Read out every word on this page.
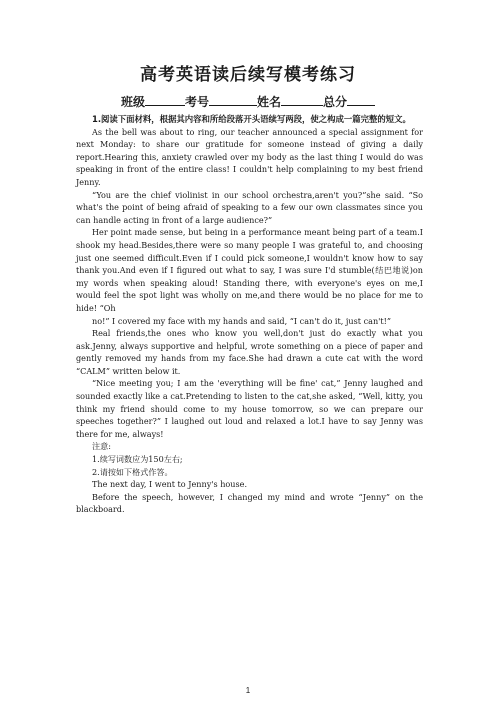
高考英语读后续写模考练习
班级	考号	姓名	总分

1.阅读下面材料，根据其内容和所给段落开头语续写两段，使之构成一篇完整的短文。

As the bell was about to ring, our teacher announced a special assignment for next Monday: to share our gratitude for someone instead of giving a daily report.Hearing this, anxiety crawled over my body as the last thing I would do was speaking in front of the entire class! I couldn't help complaining to my best friend Jenny.

“You are the chief violinist in our school orchestra,aren't you?”she said. “So what's the point of being afraid of speaking to a few our own classmates since you can handle acting in front of a large audience?”

Her point made sense, but being in a performance meant being part of a team.I shook my head.Besides,there were so many people I was grateful to, and choosing just one seemed difficult.Even if I could pick someone,I wouldn't know how to say thank you.And even if I figured out what to say, I was sure I'd stumble(结巴地说)on my words when speaking aloud! Standing there, with everyone's eyes on me,I would feel the spot light was wholly on me,and there would be no place for me to hide! “Oh

no!” I covered my face with my hands and said, “I can't do it, just can't!”

Real friends,the ones who know you well,don't just do exactly what you ask.Jenny, always supportive and helpful, wrote something on a piece of paper and gently removed my hands from my face.She had drawn a cute cat with the word “CALM” written below it.

“Nice meeting you; I am the 'everything will be fine' cat,” Jenny laughed and sounded exactly like a cat.Pretending to listen to the cat,she asked, “Well, kitty, you think my friend should come to my house tomorrow, so we can prepare our speeches together?” I laughed out loud and relaxed a lot.I have to say Jenny was there for me, always!

注意:

1.续写词数应为150左右;

2.请按如下格式作答。

The next day, I went to Jenny's house.

Before the speech, however, I changed my mind and wrote “Jenny” on the blackboard.

1
